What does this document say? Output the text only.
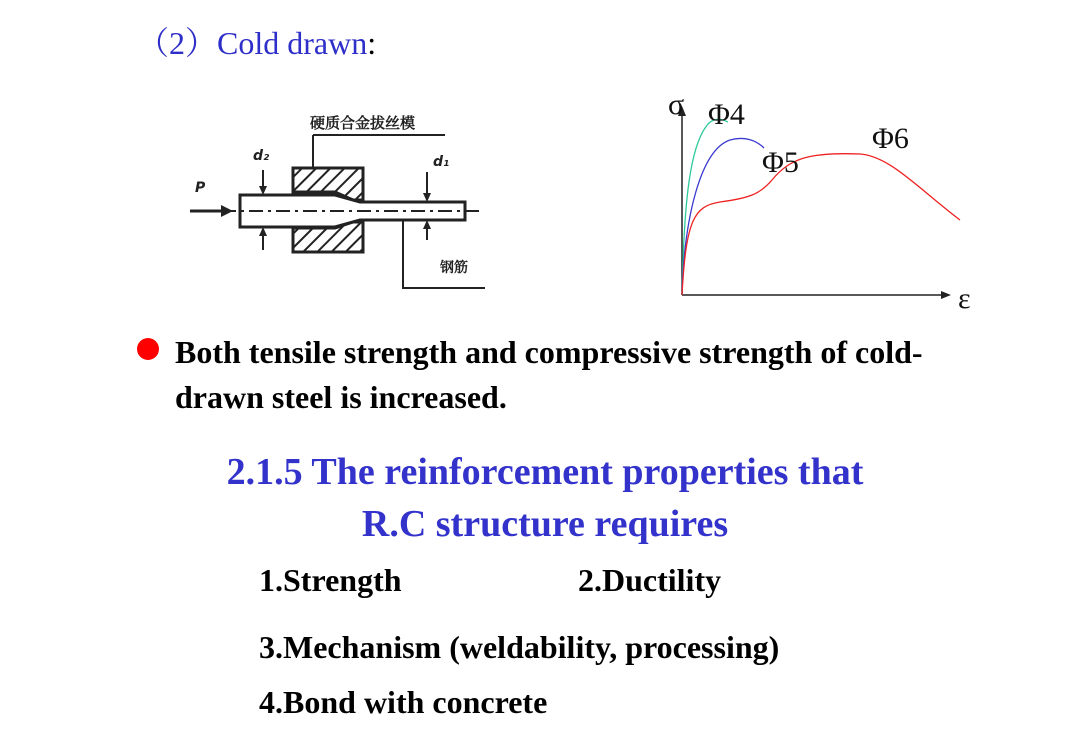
（2）Cold drawn:
硬质合金拔丝模
P
d₂	d₁
钢筋
σ
ε
Φ4
Φ5
Φ6
Both tensile strength and compressive strength of cold-drawn steel is increased.
2.1.5 The reinforcement properties that
R.C structure requires
1.Strength	2.Ductility
3.Mechanism (weldability, processing)
4.Bond with concrete
